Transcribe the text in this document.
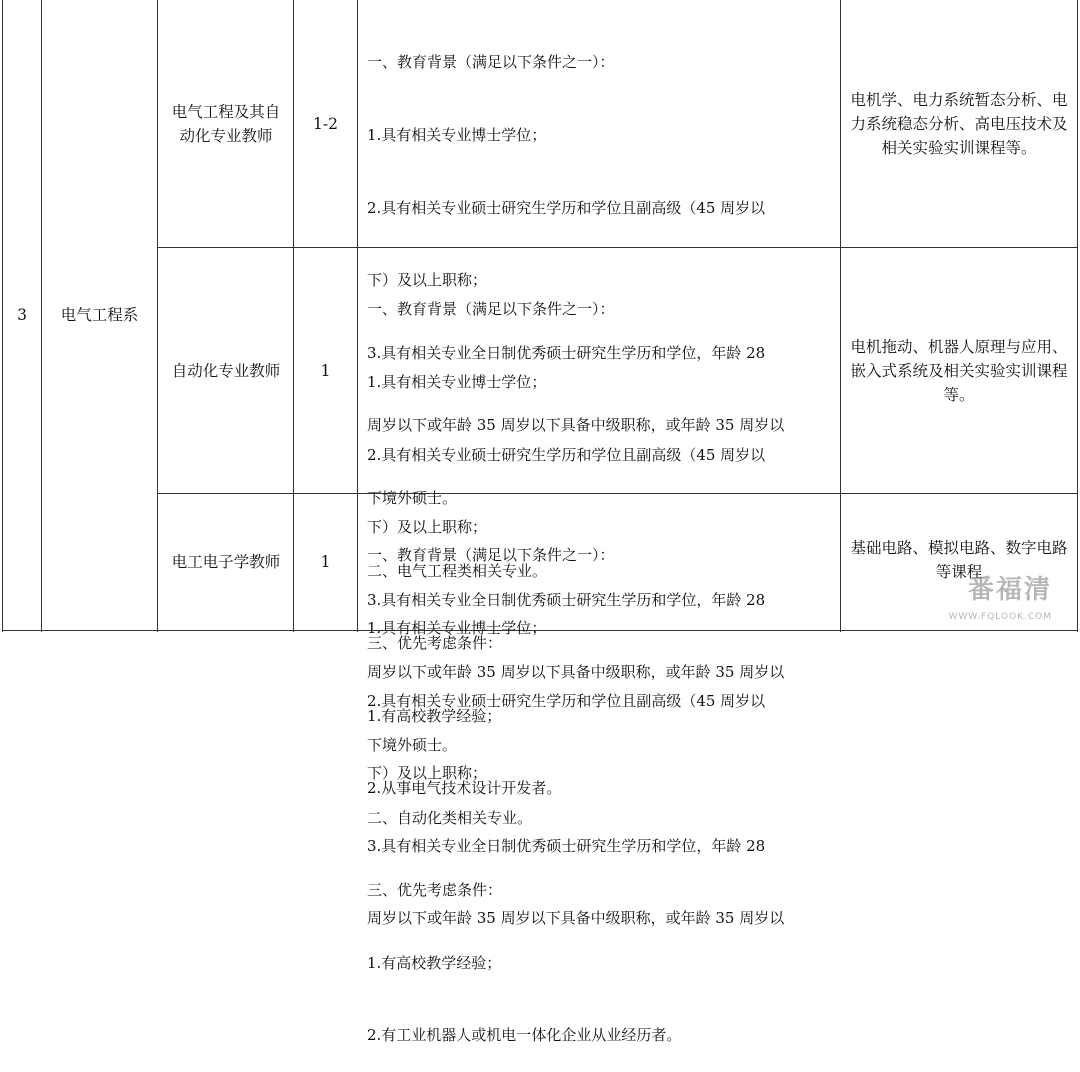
3 电气工程系
电气工程及其自动化专业教师
1-2

一、教育背景（满足以下条件之一）：

1.具有相关专业博士学位；

2.具有相关专业硕士研究生学历和学位且副高级（45 周岁以

下）及以上职称；

3.具有相关专业全日制优秀硕士研究生学历和学位，年龄 28

周岁以下或年龄 35 周岁以下具备中级职称，或年龄 35 周岁以

下境外硕士。

二、电气工程类相关专业。

三、优先考虑条件：

1.有高校教学经验；

2.从事电气技术设计开发者。

电机学、电力系统暂态分析、电力系统稳态分析、高电压技术及相关实验实训课程等。
自动化专业教师	1

一、教育背景（满足以下条件之一）：

1.具有相关专业博士学位；

2.具有相关专业硕士研究生学历和学位且副高级（45 周岁以

下）及以上职称；

3.具有相关专业全日制优秀硕士研究生学历和学位，年龄 28

周岁以下或年龄 35 周岁以下具备中级职称，或年龄 35 周岁以

下境外硕士。

二、自动化类相关专业。

三、优先考虑条件：

1.有高校教学经验；

2.有工业机器人或机电一体化企业从业经历者。

电机拖动、机器人原理与应用、嵌入式系统及相关实验实训课程等。
电工电子学教师	1

一、教育背景（满足以下条件之一）：

1.具有相关专业博士学位；

2.具有相关专业硕士研究生学历和学位且副高级（45 周岁以

下）及以上职称；

3.具有相关专业全日制优秀硕士研究生学历和学位，年龄 28

周岁以下或年龄 35 周岁以下具备中级职称，或年龄 35 周岁以

基础电路、模拟电路、数字电路等课程
番福清
WWW.FQLOOK.COM
